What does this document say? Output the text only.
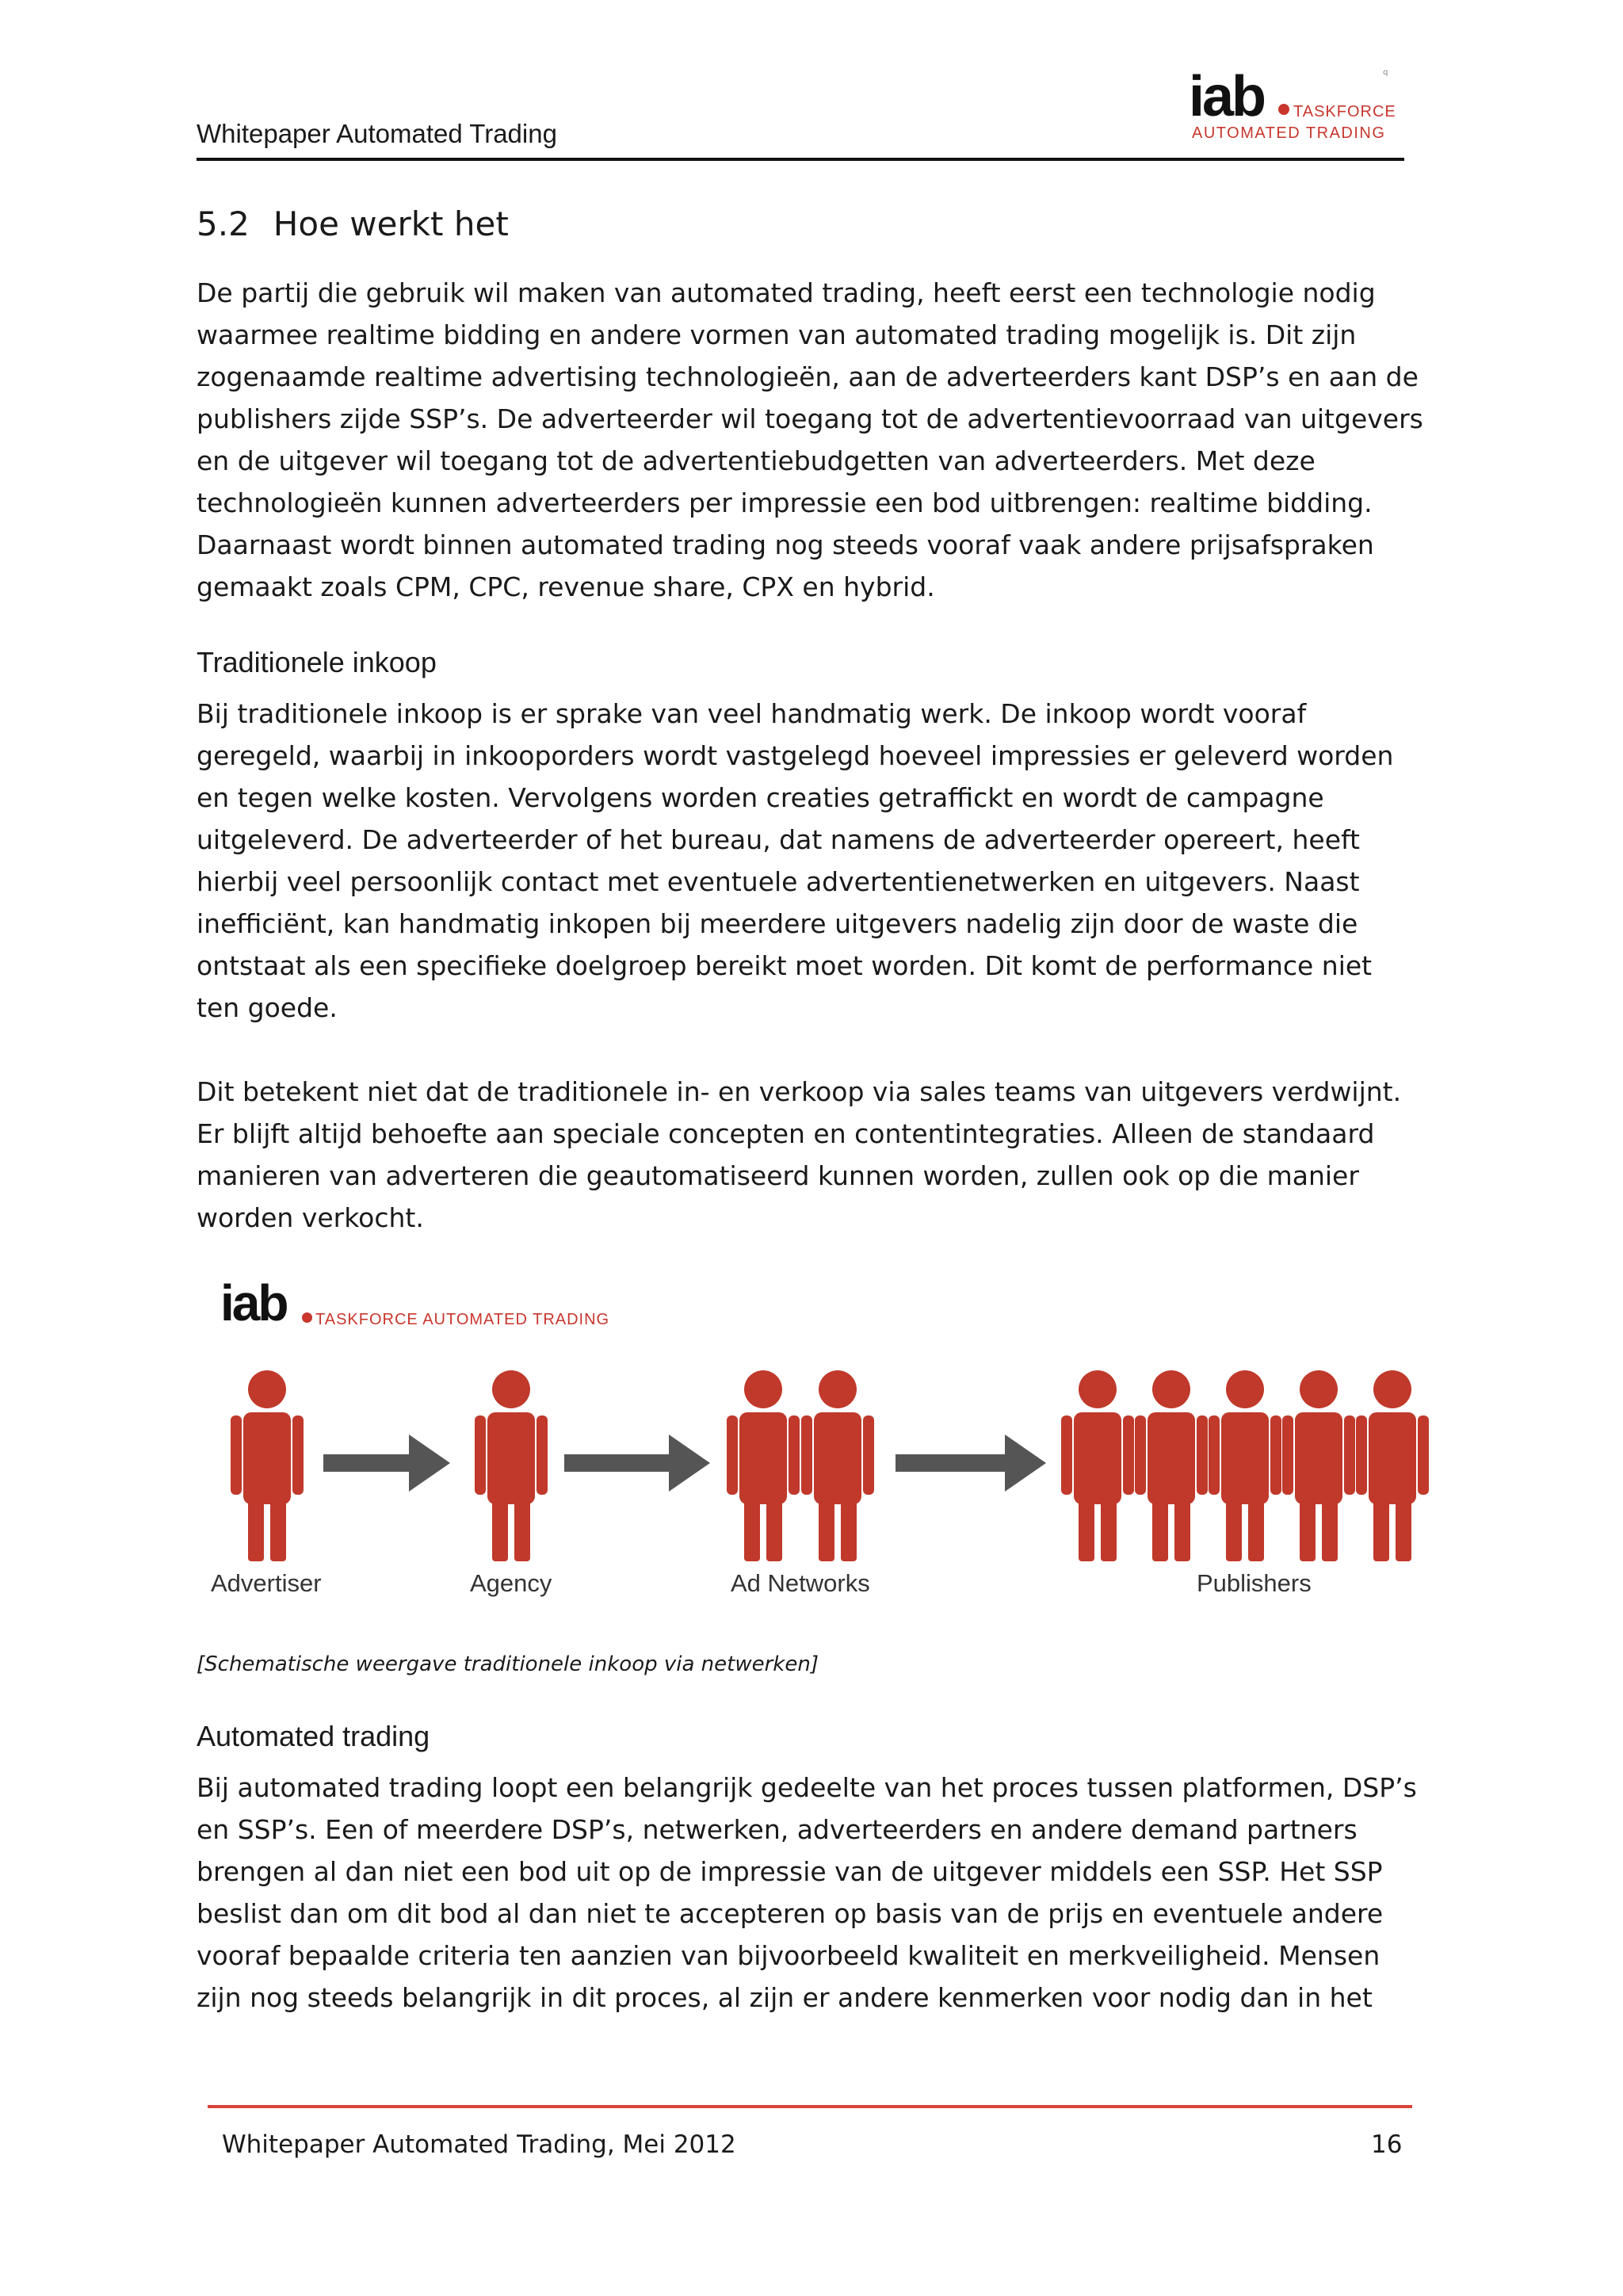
Whitepaper Automated Trading
iab TASKFORCE
AUTOMATED TRADING
q
5.2 Hoe werkt het

De partij die gebruik wil maken van automated trading, heeft eerst een technologie nodig
waarmee realtime bidding en andere vormen van automated trading mogelijk is. Dit zijn
zogenaamde realtime advertising technologieën, aan de adverteerders kant DSP’s en aan de
publishers zijde SSP’s. De adverteerder wil toegang tot de advertentievoorraad van uitgevers
en de uitgever wil toegang tot de advertentiebudgetten van adverteerders. Met deze
technologieën kunnen adverteerders per impressie een bod uitbrengen: realtime bidding.
Daarnaast wordt binnen automated trading nog steeds vooraf vaak andere prijsafspraken
gemaakt zoals CPM, CPC, revenue share, CPX en hybrid.

Traditionele inkoop

Bij traditionele inkoop is er sprake van veel handmatig werk. De inkoop wordt vooraf
geregeld, waarbij in inkooporders wordt vastgelegd hoeveel impressies er geleverd worden
en tegen welke kosten. Vervolgens worden creaties getraffickt en wordt de campagne
uitgeleverd. De adverteerder of het bureau, dat namens de adverteerder opereert, heeft
hierbij veel persoonlijk contact met eventuele advertentienetwerken en uitgevers. Naast
inefficiënt, kan handmatig inkopen bij meerdere uitgevers nadelig zijn door de waste die
ontstaat als een specifieke doelgroep bereikt moet worden. Dit komt de performance niet
ten goede.

Dit betekent niet dat de traditionele in- en verkoop via sales teams van uitgevers verdwijnt.
Er blijft altijd behoefte aan speciale concepten en contentintegraties. Alleen de standaard
manieren van adverteren die geautomatiseerd kunnen worden, zullen ook op die manier
worden verkocht.

iab TASKFORCE AUTOMATED TRADING
Advertiser	Agency	Ad Networks	Publishers
[Schematische weergave traditionele inkoop via netwerken]
Automated trading

Bij automated trading loopt een belangrijk gedeelte van het proces tussen platformen, DSP’s
en SSP’s. Een of meerdere DSP’s, netwerken, adverteerders en andere demand partners
brengen al dan niet een bod uit op de impressie van de uitgever middels een SSP. Het SSP
beslist dan om dit bod al dan niet te accepteren op basis van de prijs en eventuele andere
vooraf bepaalde criteria ten aanzien van bijvoorbeeld kwaliteit en merkveiligheid. Mensen
zijn nog steeds belangrijk in dit proces, al zijn er andere kenmerken voor nodig dan in het

Whitepaper Automated Trading, Mei 2012	16
